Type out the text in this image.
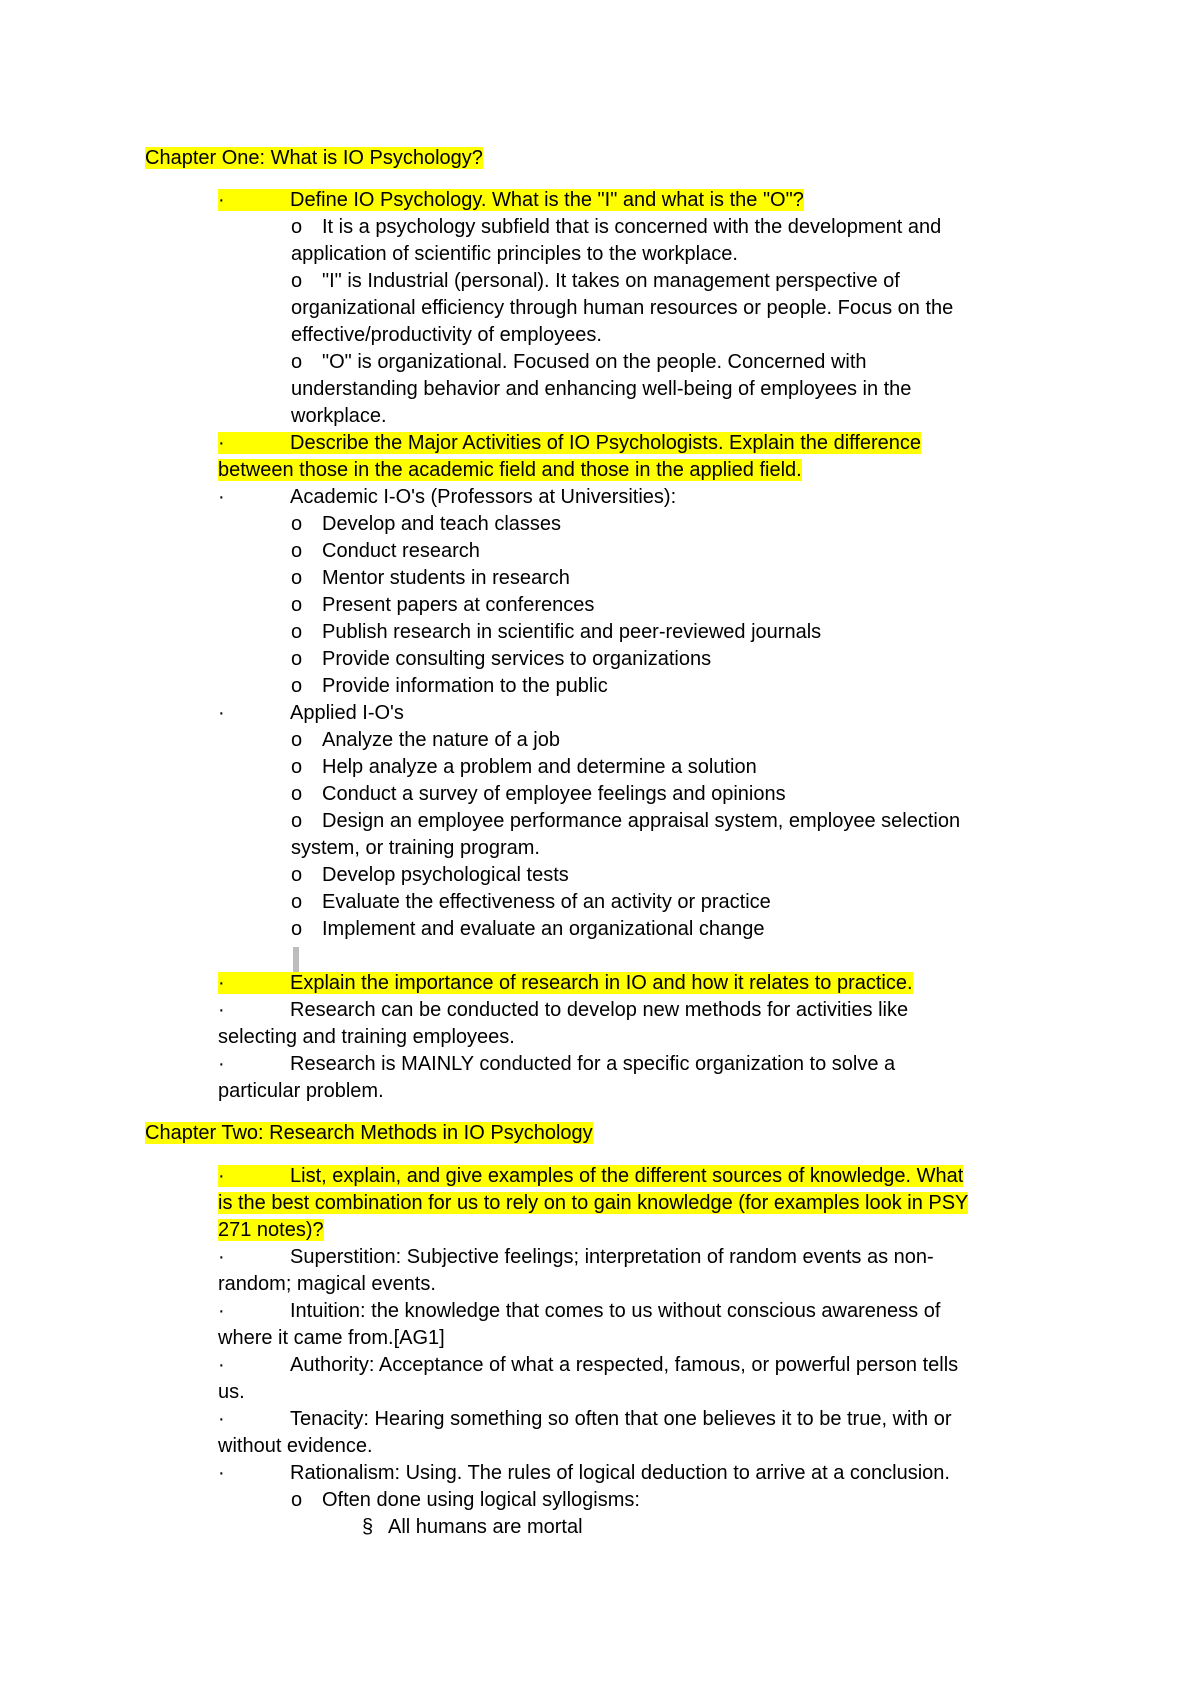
Chapter One: What is IO Psychology?
·	Define IO Psychology. What is the "I" and what is the "O"?
o It is a psychology subfield that is concerned with the development and
application of scientific principles to the workplace.
o "I" is Industrial (personal). It takes on management perspective of
organizational efficiency through human resources or people. Focus on the
effective/productivity of employees.
o "O" is organizational. Focused on the people. Concerned with
understanding behavior and enhancing well-being of employees in the
workplace.
·	Describe the Major Activities of IO Psychologists. Explain the difference
between those in the academic field and those in the applied field.
·	Academic I-O's (Professors at Universities):
o Develop and teach classes
o Conduct research
o Mentor students in research
o Present papers at conferences
o Publish research in scientific and peer-reviewed journals
o Provide consulting services to organizations
o Provide information to the public
·	Applied I-O's
o Analyze the nature of a job
o Help analyze a problem and determine a solution
o Conduct a survey of employee feelings and opinions
o Design an employee performance appraisal system, employee selection
system, or training program.
o Develop psychological tests
o Evaluate the effectiveness of an activity or practice
o Implement and evaluate an organizational change
·	Explain the importance of research in IO and how it relates to practice.
·	Research can be conducted to develop new methods for activities like
selecting and training employees.
·	Research is MAINLY conducted for a specific organization to solve a
particular problem.
Chapter Two: Research Methods in IO Psychology
·	List, explain, and give examples of the different sources of knowledge. What
is the best combination for us to rely on to gain knowledge (for examples look in PSY
271 notes)?
·	Superstition: Subjective feelings; interpretation of random events as non-
random; magical events.
·	Intuition: the knowledge that comes to us without conscious awareness of
where it came from.[AG1]
·	Authority: Acceptance of what a respected, famous, or powerful person tells
us.
·	Tenacity: Hearing something so often that one believes it to be true, with or
without evidence.
·	Rationalism: Using. The rules of logical deduction to arrive at a conclusion.
o Often done using logical syllogisms:
§ All humans are mortal
